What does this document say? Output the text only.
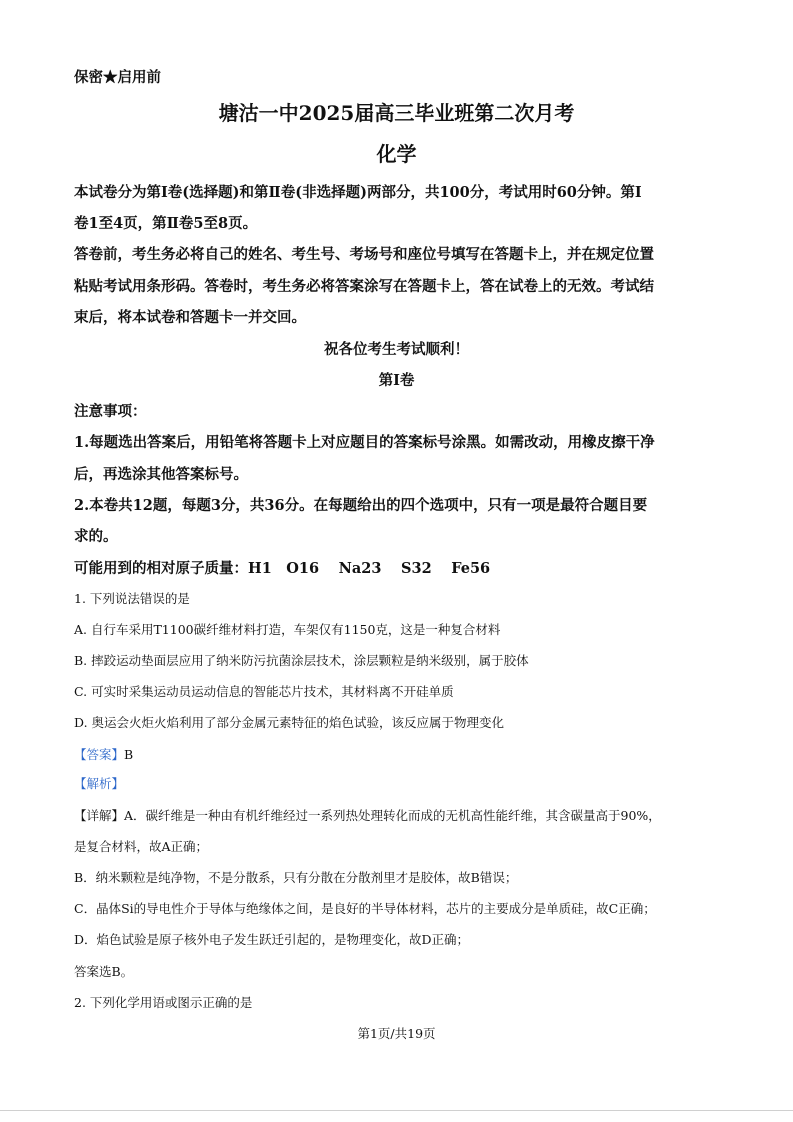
保密★启用前
塘沽一中2025届高三毕业班第二次月考
化学
本试卷分为第Ⅰ卷(选择题)和第Ⅱ卷(非选择题)两部分，共100分，考试用时60分钟。第Ⅰ
卷1至4页，第Ⅱ卷5至8页。
答卷前，考生务必将自己的姓名、考生号、考场号和座位号填写在答题卡上，并在规定位置
粘贴考试用条形码。答卷时，考生务必将答案涂写在答题卡上，答在试卷上的无效。考试结
束后，将本试卷和答题卡一并交回。
祝各位考生考试顺利！
第Ⅰ卷
注意事项：
1.每题选出答案后，用铅笔将答题卡上对应题目的答案标号涂黑。如需改动，用橡皮擦干净
后，再选涂其他答案标号。
2.本卷共12题，每题3分，共36分。在每题给出的四个选项中，只有一项是最符合题目要
求的。
可能用到的相对原子质量：H1　O16　 Na23　 S32　 Fe56
1. 下列说法错误的是
A. 自行车采用T1100碳纤维材料打造，车架仅有1150克，这是一种复合材料
B. 摔跤运动垫面层应用了纳米防污抗菌涂层技术，涂层颗粒是纳米级别，属于胶体
C. 可实时采集运动员运动信息的智能芯片技术，其材料离不开硅单质
D. 奥运会火炬火焰利用了部分金属元素特征的焰色试验，该反应属于物理变化
【答案】B
【解析】
【详解】A．碳纤维是一种由有机纤维经过一系列热处理转化而成的无机高性能纤维，其含碳量高于90%，
是复合材料，故A正确；
B．纳米颗粒是纯净物，不是分散系，只有分散在分散剂里才是胶体，故B错误；
C．晶体Si的导电性介于导体与绝缘体之间，是良好的半导体材料，芯片的主要成分是单质硅，故C正确；
D．焰色试验是原子核外电子发生跃迁引起的，是物理变化，故D正确；
答案选B。
2. 下列化学用语或图示正确的是
第1页/共19页
